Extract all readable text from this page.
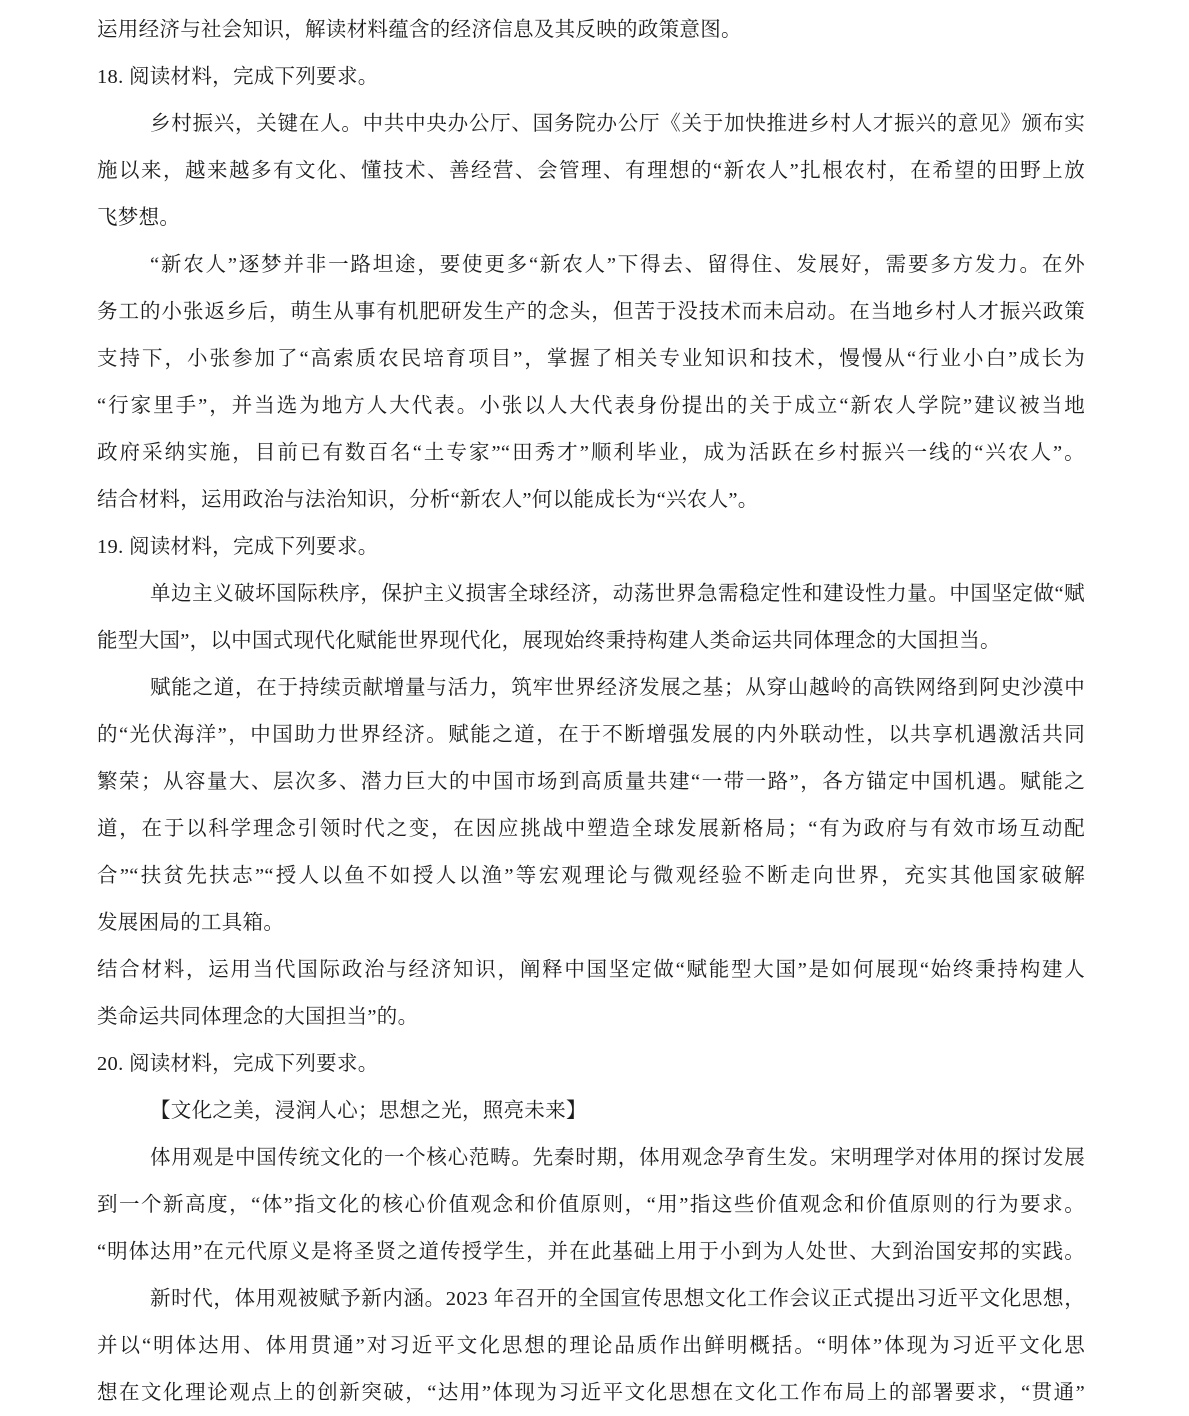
运用经济与社会知识，解读材料蕴含的经济信息及其反映的政策意图。
18. 阅读材料，完成下列要求。
乡村振兴，关键在人。中共中央办公厅、国务院办公厅《关于加快推进乡村人才振兴的意见》颁布实
施以来，越来越多有文化、懂技术、善经营、会管理、有理想的“新农人”扎根农村，在希望的田野上放
飞梦想。
“新农人”逐梦并非一路坦途，要使更多“新农人”下得去、留得住、发展好，需要多方发力。在外
务工的小张返乡后，萌生从事有机肥研发生产的念头，但苦于没技术而未启动。在当地乡村人才振兴政策
支持下，小张参加了“高索质农民培育项目”，掌握了相关专业知识和技术，慢慢从“行业小白”成长为
“行家里手”，并当选为地方人大代表。小张以人大代表身份提出的关于成立“新农人学院”建议被当地
政府采纳实施，目前已有数百名“土专家”“田秀才”顺利毕业，成为活跃在乡村振兴一线的“兴农人”。
结合材料，运用政治与法治知识，分析“新农人”何以能成长为“兴农人”。
19. 阅读材料，完成下列要求。
单边主义破坏国际秩序，保护主义损害全球经济，动荡世界急需稳定性和建设性力量。中国坚定做“赋
能型大国”，以中国式现代化赋能世界现代化，展现始终秉持构建人类命运共同体理念的大国担当。
赋能之道，在于持续贡献增量与活力，筑牢世界经济发展之基；从穿山越岭的高铁网络到阿史沙漠中
的“光伏海洋”，中国助力世界经济。赋能之道，在于不断增强发展的内外联动性，以共享机遇激活共同
繁荣；从容量大、层次多、潜力巨大的中国市场到高质量共建“一带一路”，各方锚定中国机遇。赋能之
道，在于以科学理念引领时代之变，在因应挑战中塑造全球发展新格局；“有为政府与有效市场互动配
合”“扶贫先扶志”“授人以鱼不如授人以渔”等宏观理论与微观经验不断走向世界，充实其他国家破解
发展困局的工具箱。
结合材料，运用当代国际政治与经济知识，阐释中国坚定做“赋能型大国”是如何展现“始终秉持构建人
类命运共同体理念的大国担当”的。
20. 阅读材料，完成下列要求。
【文化之美，浸润人心；思想之光，照亮未来】
体用观是中国传统文化的一个核心范畴。先秦时期，体用观念孕育生发。宋明理学对体用的探讨发展
到一个新高度，“体”指文化的核心价值观念和价值原则，“用”指这些价值观念和价值原则的行为要求。
“明体达用”在元代原义是将圣贤之道传授学生，并在此基础上用于小到为人处世、大到治国安邦的实践。
新时代，体用观被赋予新内涵。2023 年召开的全国宣传思想文化工作会议正式提出习近平文化思想，
并以“明体达用、体用贯通”对习近平文化思想的理论品质作出鲜明概括。“明体”体现为习近平文化思
想在文化理论观点上的创新突破，“达用”体现为习近平文化思想在文化工作布局上的部署要求，“贯通”
